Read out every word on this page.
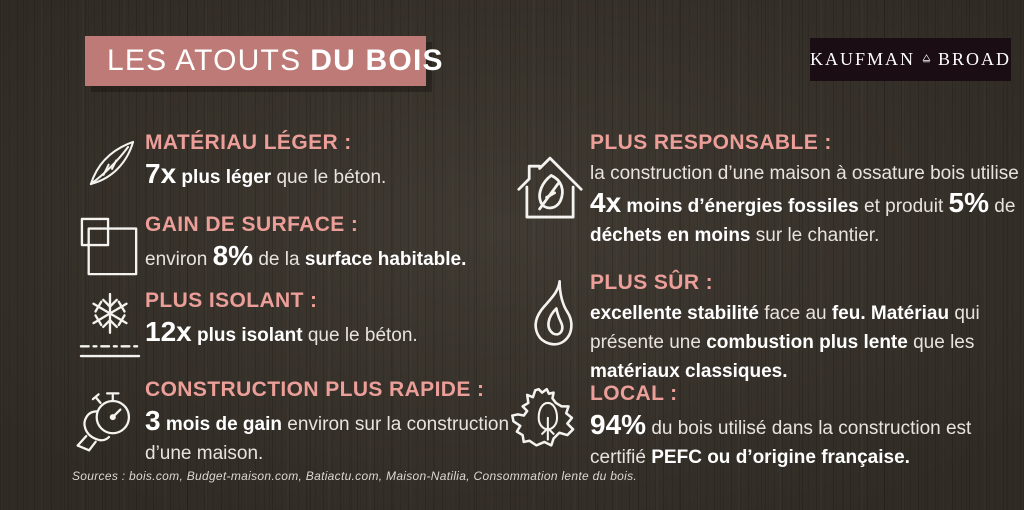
LES ATOUTS DU BOIS	KAUFMAN BROAD
MATÉRIAU LÉGER :
7x plus léger que le béton.
GAIN DE SURFACE :
environ 8% de la surface habitable.
PLUS ISOLANT :
12x plus isolant que le béton.
CONSTRUCTION PLUS RAPIDE :
3 mois de gain environ sur la construction d’une maison.
PLUS RESPONSABLE :
la construction d’une maison à ossature bois utilise 4x moins d’énergies fossiles et produit 5% de déchets en moins sur le chantier.
PLUS SÛR :
excellente stabilité face au feu. Matériau qui présente une combustion plus lente que les matériaux classiques.
LOCAL :
94% du bois utilisé dans la construction est certifié PEFC ou d’origine française.
Sources : bois.com, Budget-maison.com, Batiactu.com, Maison-Natilia, Consommation lente du bois.
